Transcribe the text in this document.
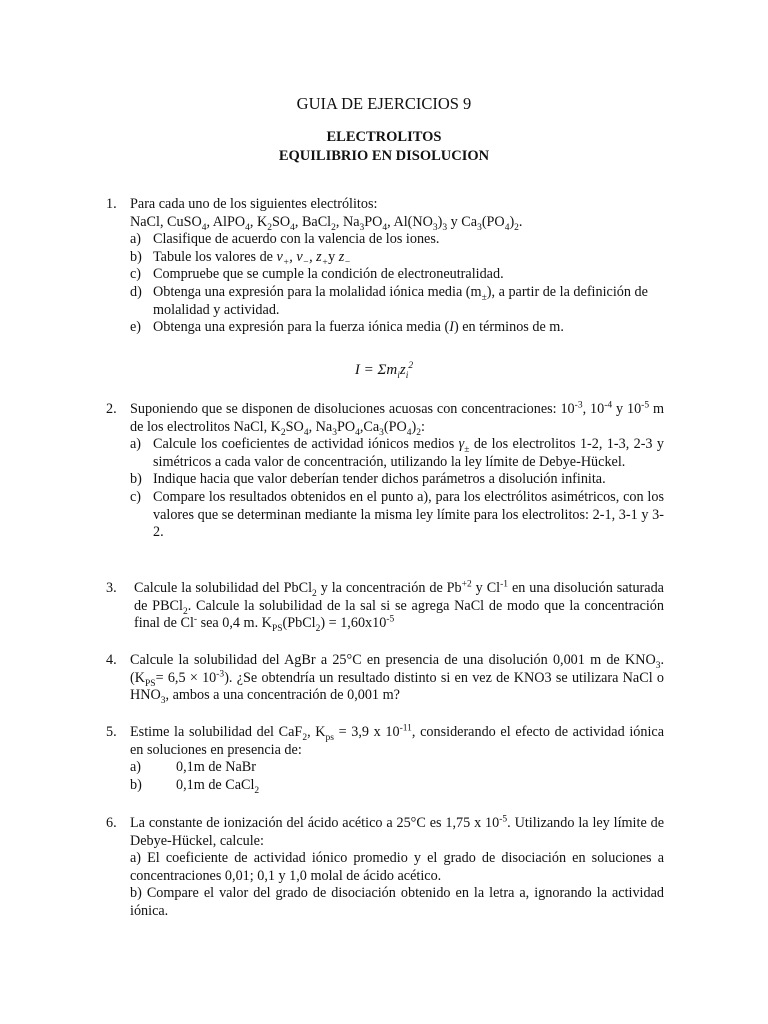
GUIA DE EJERCICIOS 9
ELECTROLITOS
EQUILIBRIO EN DISOLUCION
1. Para cada uno de los siguientes electrólitos:
NaCl, CuSO$_4$, AlPO$_4$, $K_2SO_4$, BaCl$_2$, $Na_3PO_4$, $Al(NO_3)_3$ y $Ca_3(PO_4)_2$.
a) Clasifique de acuerdo con la valencia de los iones.
b) Tabule los valores de $\nu_+$, $\nu_-$, $z_+y$ $z_-$
c) Compruebe que se cumple la condición de electroneutralidad.
d) Obtenga una expresión para la molalidad iónica media $(m_\pm)$, a partir de la definición de molalidad y actividad.
e) Obtenga una expresión para la fuerza iónica media (I) en términos de m.
$I = \Sigma m_iz_i^2$
2. Suponiendo que se disponen de disoluciones acuosas con concentraciones: $10^{-3}$, $10^{-4}$ y $10^{-5}$ m de los electrolitos NaCl, $K_2SO_4$, $Na_3PO_4,Ca_3(PO_4)_2$:
a) Calcule los coeficientes de actividad iónicos medios $\gamma_\pm$ de los electrolitos 1-2, 1-3, 2-3 y simétricos a cada valor de concentración, utilizando la ley límite de Debye-Hückel.
b) Indique hacia que valor deberían tender dichos parámetros a disolución infinita.
c) Compare los resultados obtenidos en el punto a), para los electrólitos asimétricos, con los valores que se determinan mediante la misma ley límite para los electrolitos: 2-1, 3-1 y 3-2.
3. Calcule la solubilidad del PbCl$_2$ y la concentración de $Pb^{+2}$ y $Cl^{-1}$ en una disolución saturada de PBCl$_2$. Calcule la solubilidad de la sal si se agrega NaCl de modo que la concentración final de Cl- sea 0,4 m. $K_{PS}(PbCl_2) = 1,60x10^{-5}$
4. Calcule la solubilidad del AgBr a 25°C en presencia de una disolución 0,001 m de $KNO_3$. $(K_{PS}= 6,5 \times 10^{-3})$. ¿Se obtendría un resultado distinto si en vez de KNO3 se utilizara NaCl o $HNO_3$, ambos a una concentración de 0,001 m?
5. Estime la solubilidad del CaF$_2$, $K_{ps} = 3,9$ x $10^{-11}$, considerando el efecto de actividad iónica en soluciones en presencia de:
a) 0,1m de NaBr
b) 0,1m de CaCl$_2$
6. La constante de ionización del ácido acético a 25°C es 1,75 x $10^{-5}$. Utilizando la ley límite de Debye-Hückel, calcule:
a) El coeficiente de actividad iónico promedio y el grado de disociación en soluciones a concentraciones 0,01; 0,1 y 1,0 molal de ácido acético.
b) Compare el valor del grado de disociación obtenido en la letra a, ignorando la actividad iónica.
